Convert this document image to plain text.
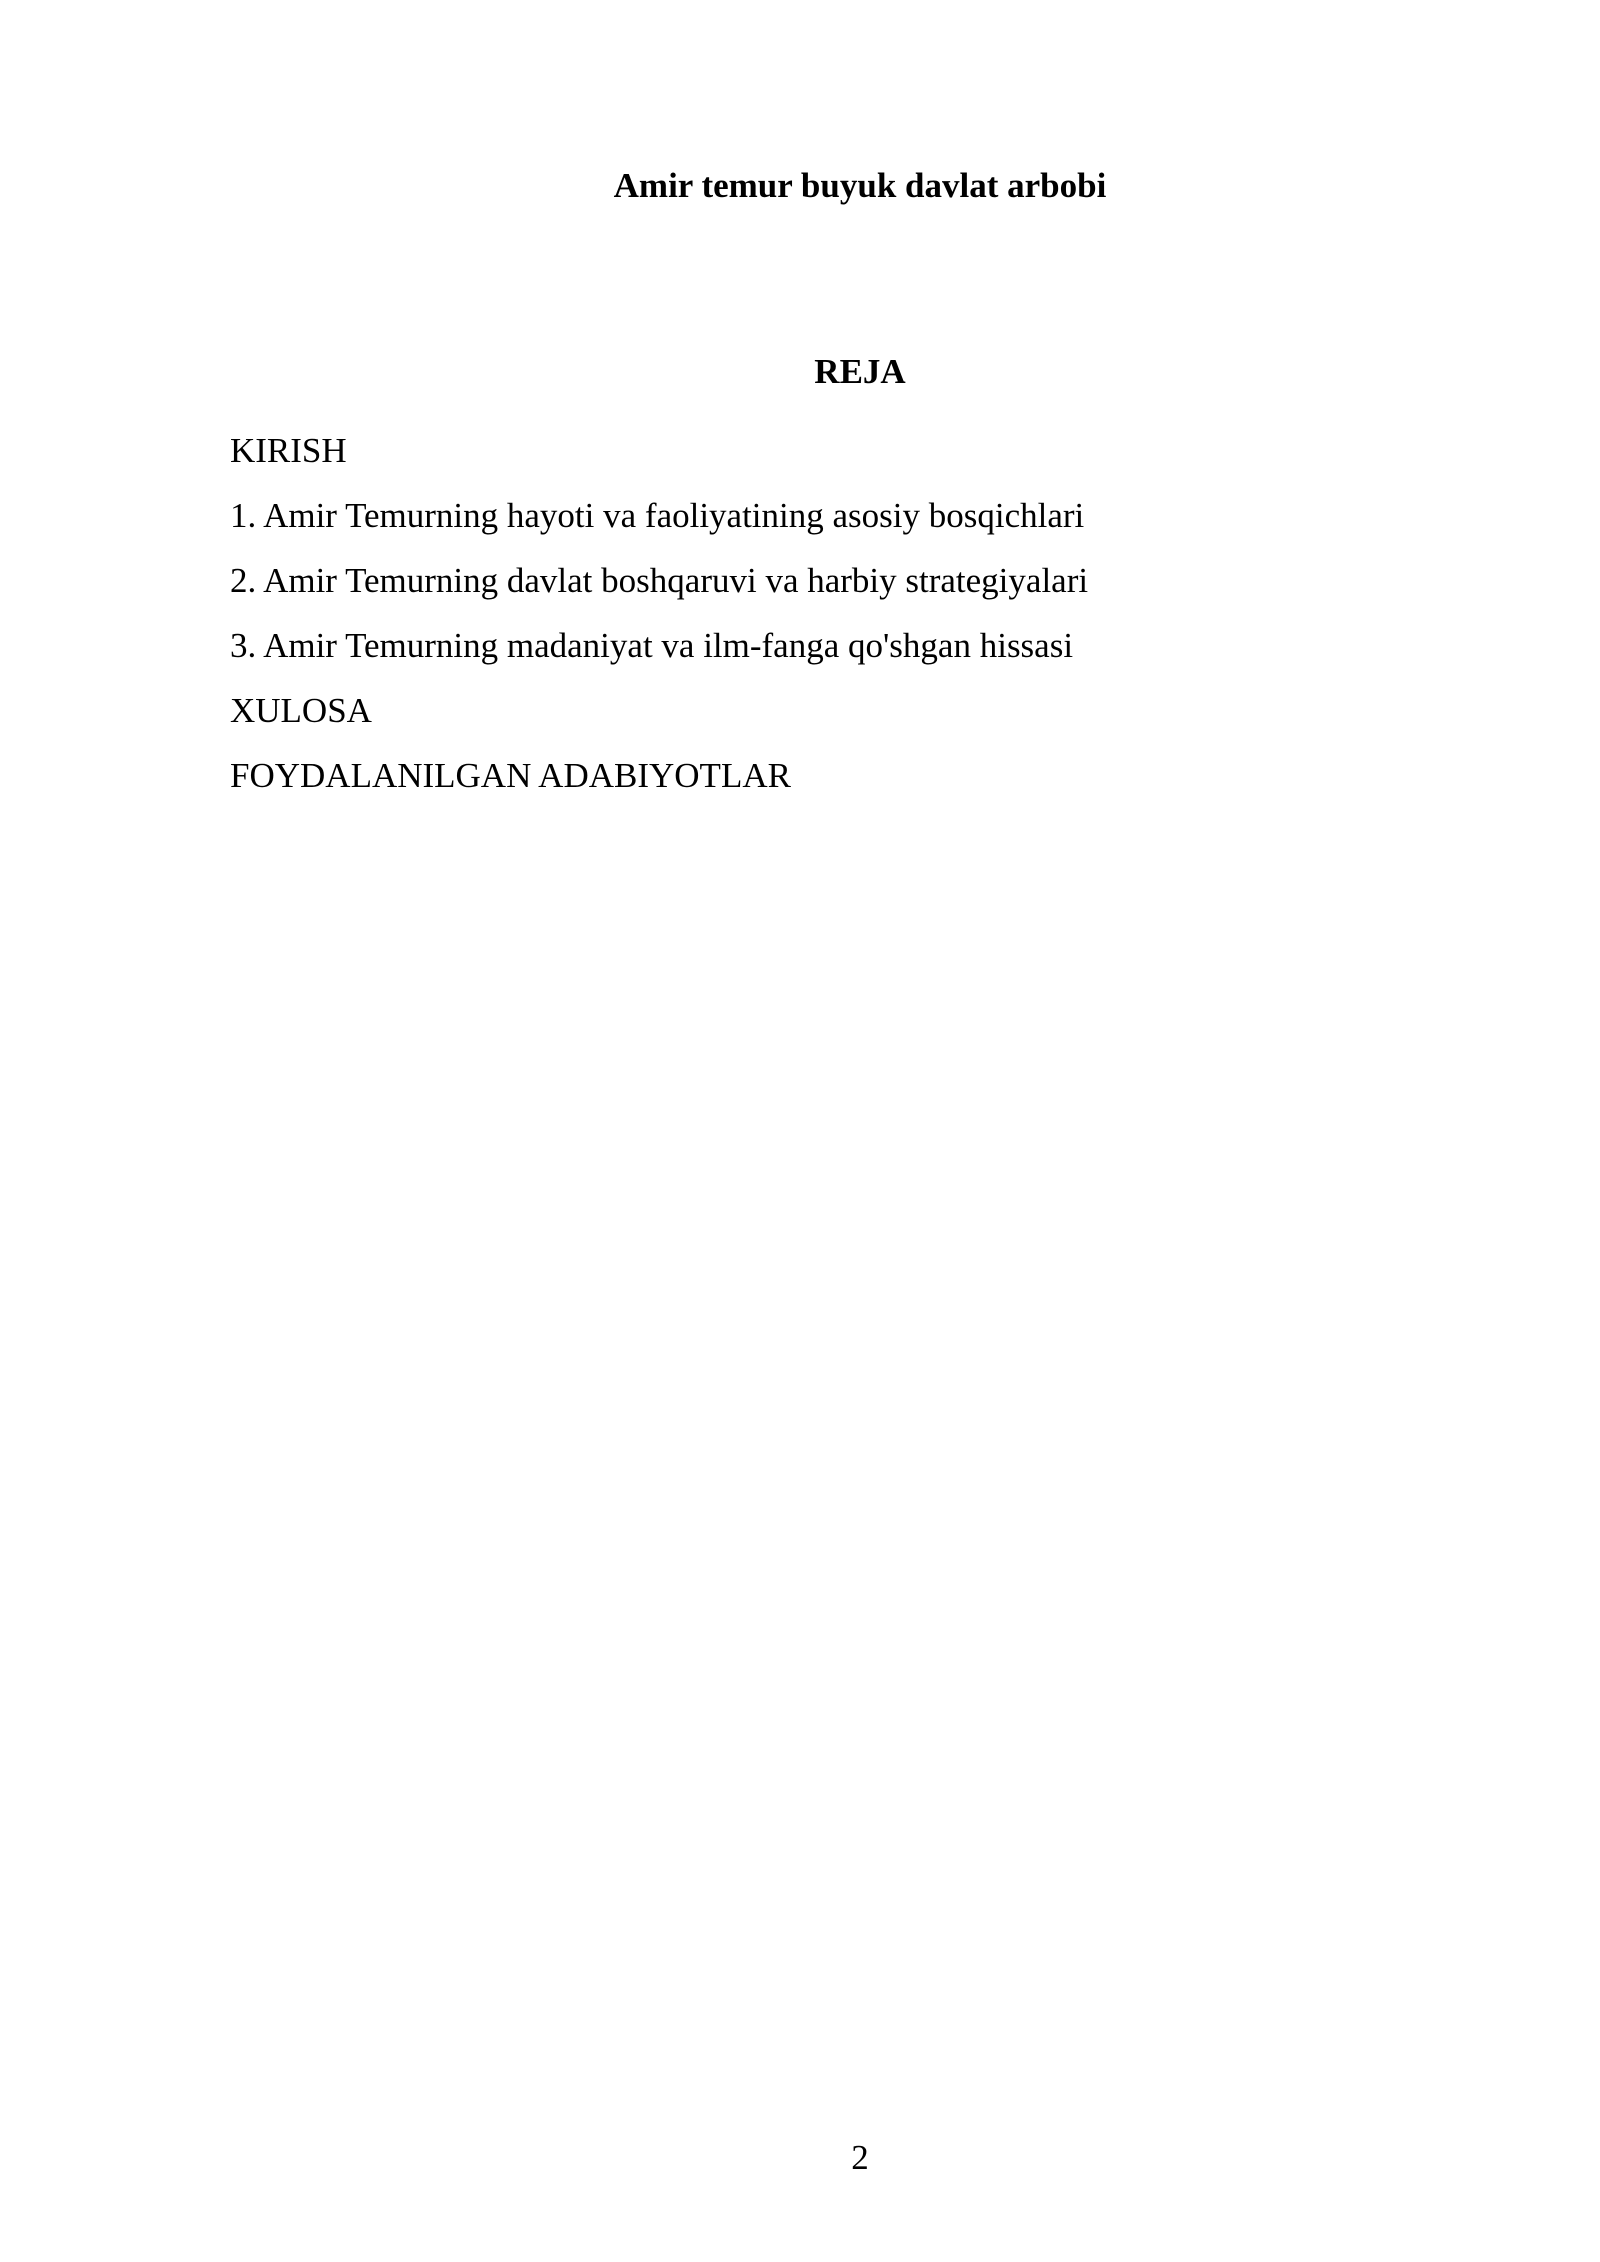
Amir temur buyuk davlat arbobi
REJA
KIRISH
1. Amir Temurning hayoti va faoliyatining asosiy bosqichlari
2. Amir Temurning davlat boshqaruvi va harbiy strategiyalari
3. Amir Temurning madaniyat va ilm-fanga qo'shgan hissasi
XULOSA
FOYDALANILGAN ADABIYOTLAR
2
